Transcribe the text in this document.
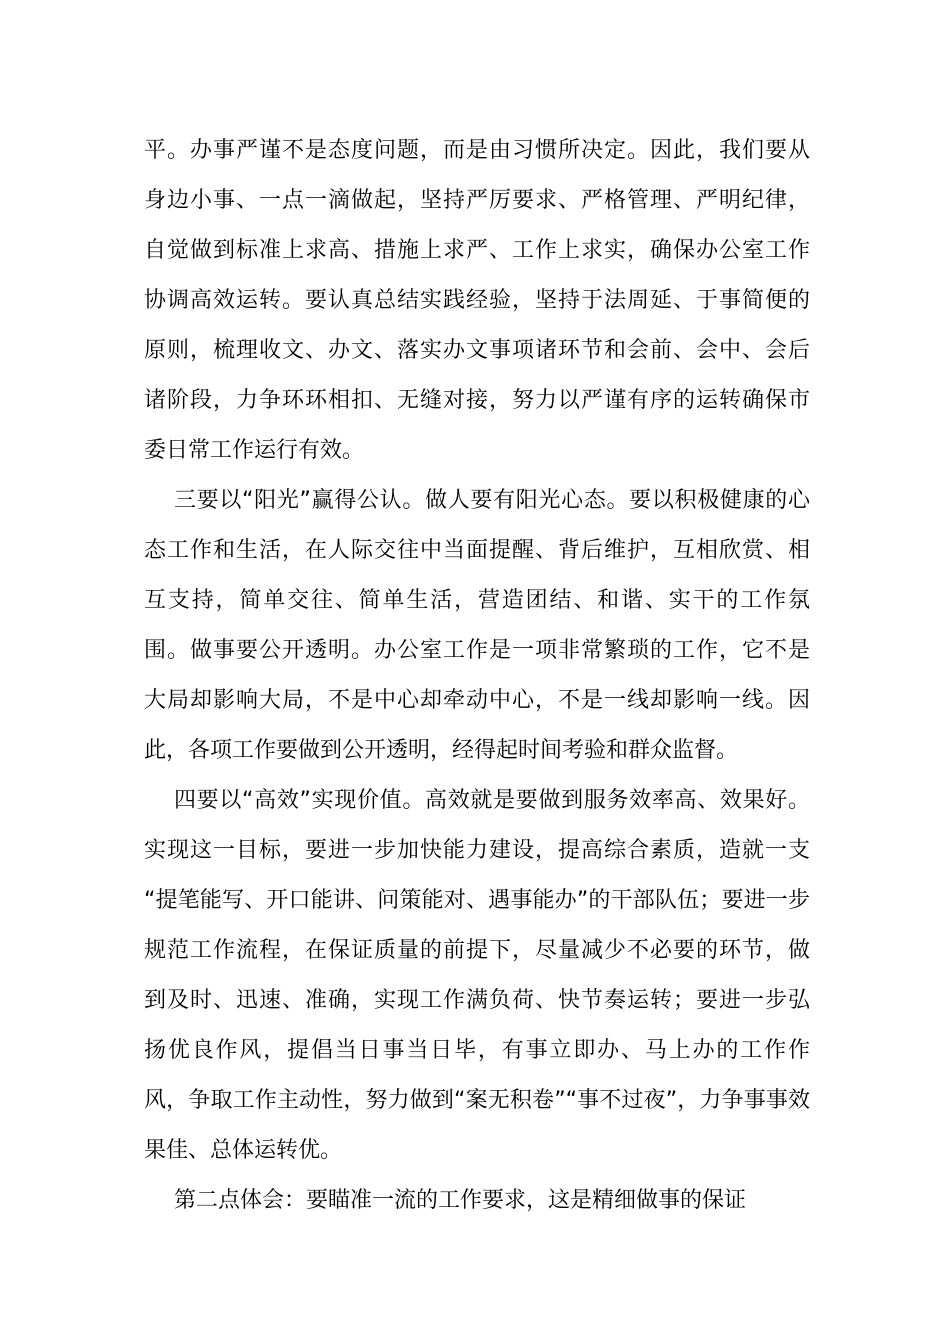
平。办事严谨不是态度问题，而是由习惯所决定。因此，我们要从
身边小事、一点一滴做起，坚持严厉要求、严格管理、严明纪律，
自觉做到标准上求高、措施上求严、工作上求实，确保办公室工作
协调高效运转。要认真总结实践经验，坚持于法周延、于事简便的
原则，梳理收文、办文、落实办文事项诸环节和会前、会中、会后
诸阶段，力争环环相扣、无缝对接，努力以严谨有序的运转确保市
委日常工作运行有效。
三要以“阳光”赢得公认。做人要有阳光心态。要以积极健康的心
态工作和生活，在人际交往中当面提醒、背后维护，互相欣赏、相
互支持，简单交往、简单生活，营造团结、和谐、实干的工作氛
围。做事要公开透明。办公室工作是一项非常繁琐的工作，它不是
大局却影响大局，不是中心却牵动中心，不是一线却影响一线。因
此，各项工作要做到公开透明，经得起时间考验和群众监督。
四要以“高效”实现价值。高效就是要做到服务效率高、效果好。
实现这一目标，要进一步加快能力建设，提高综合素质，造就一支
“提笔能写、开口能讲、问策能对、遇事能办”的干部队伍；要进一步
规范工作流程，在保证质量的前提下，尽量减少不必要的环节，做
到及时、迅速、准确，实现工作满负荷、快节奏运转；要进一步弘
扬优良作风，提倡当日事当日毕，有事立即办、马上办的工作作
风，争取工作主动性，努力做到“案无积卷”“事不过夜”，力争事事效
果佳、总体运转优。
第二点体会：要瞄准一流的工作要求，这是精细做事的保证
